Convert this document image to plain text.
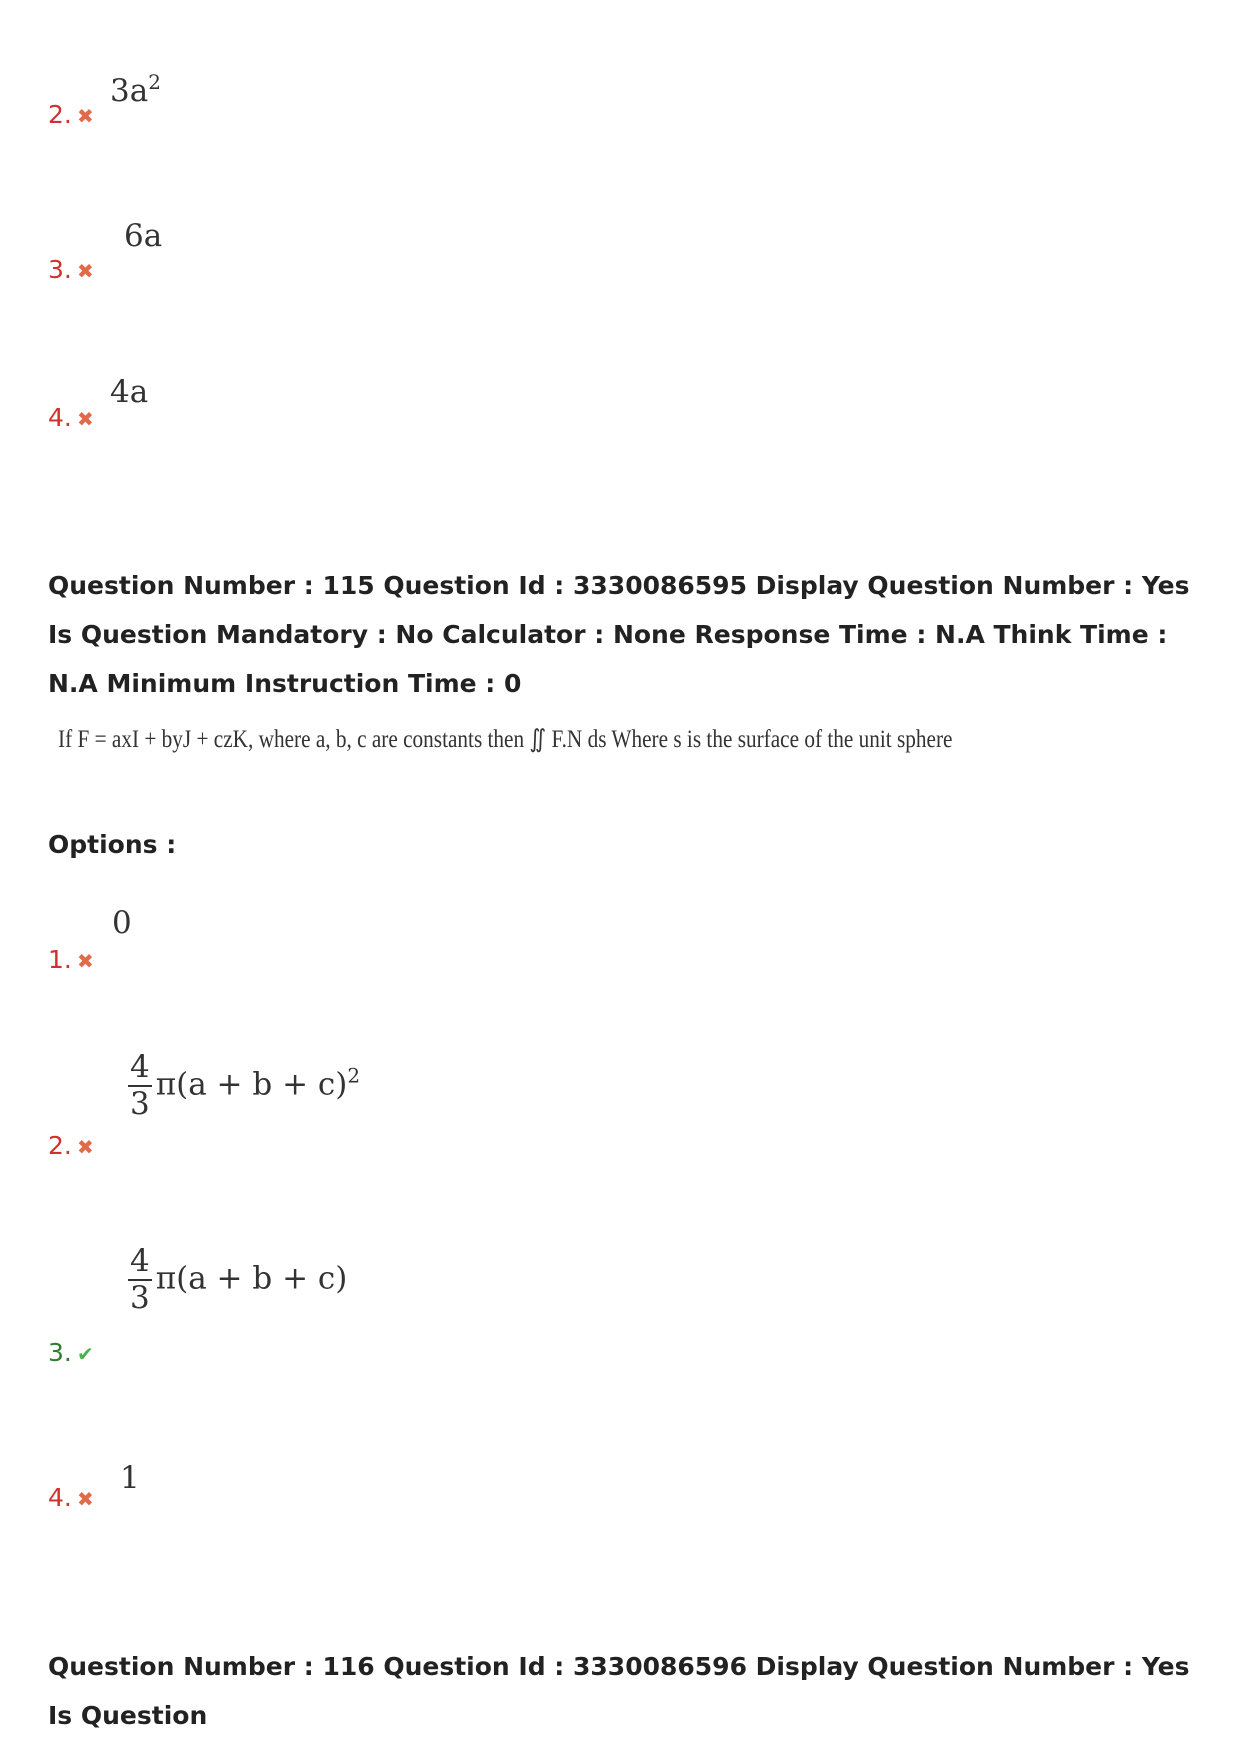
2. ✖
$3a^2$
3. ✖
6a
4. ✖
4a
Question Number : 115 Question Id : 3330086595 Display Question Number : Yes Is Question Mandatory : No Calculator : None Response Time : N.A Think Time : N.A Minimum Instruction Time : 0
If F = axI + byJ + czK, where a, b, c are constants then ∬ F.N ds Where s is the surface of the unit sphere
Options :
1. ✖
0
2. ✖
$\frac{4}{3} \pi(a + b + c)^2$
3. ✔
$\frac{4}{3} \pi(a + b + c)$
4. ✖
1
Question Number : 116 Question Id : 3330086596 Display Question Number : Yes Is Question
